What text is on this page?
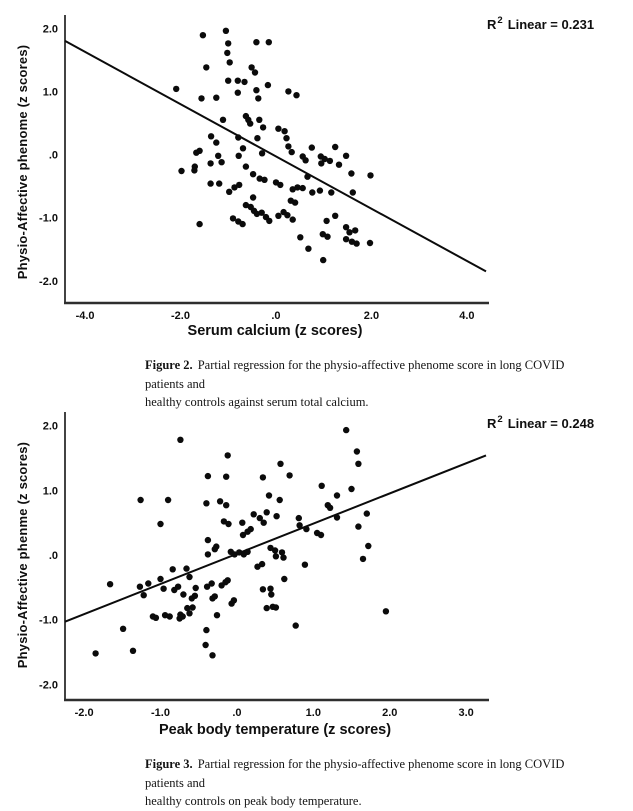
$R^2$ Linear = 0.231
Physio-Affective phenome (z scores)
Serum calcium (z scores)
2.0
1.0
.0
-1.0
-2.0
-4.0	-2.0	.0	2.0	4.0
Figure 2. Partial regression for the physio-affective phenome score in long COVID patients and
healthy controls against serum total calcium.
$R^2$ Linear = 0.248
Physio-Affective phenme (z scores)
Peak body temperature (z scores)
2.0
1.0
.0
-1.0
-2.0
-2.0	-1.0	.0	1.0	2.0	3.0
Figure 3. Partial regression for the physio-affective phenome score in long COVID patients and
healthy controls on peak body temperature.
